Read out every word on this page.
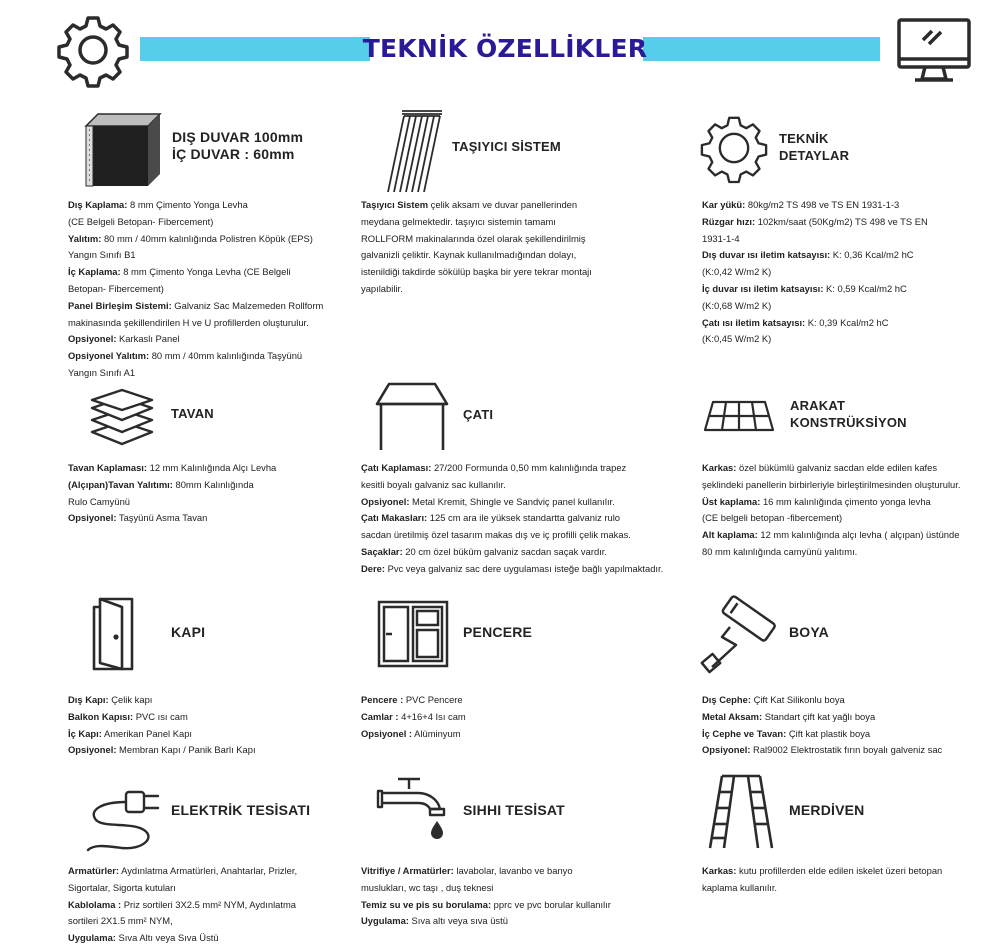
TEKNİK ÖZELLİKLER
DIŞ DUVAR 100mm
İÇ DUVAR : 60mm
Dış Kaplama: 8 mm Çimento Yonga Levha
(CE Belgeli Betopan- Fibercement)
Yalıtım: 80 mm / 40mm kalınlığında Polistren Köpük (EPS)
Yangın Sınıfı B1
İç Kaplama: 8 mm Çimento Yonga Levha (CE Belgeli
Betopan- Fibercement)
Panel Birleşim Sistemi: Galvaniz Sac Malzemeden Rollform
makinasında şekillendirilen H ve U profillerden oluşturulur.
Opsiyonel: Karkaslı Panel
Opsiyonel Yalıtım: 80 mm / 40mm kalınlığında Taşyünü
Yangın Sınıfı A1
TAŞIYICI SİSTEM
Taşıyıcı Sistem çelik aksam ve duvar panellerinden
meydana gelmektedir. taşıyıcı sistemin tamamı
ROLLFORM makinalarında özel olarak şekillendirilmiş
galvanizli çeliktir. Kaynak kullanılmadığından dolayı,
istenildiği takdirde sökülüp başka bir yere tekrar montajı
yapılabilir.
TEKNİK
DETAYLAR
Kar yükü: 80kg/m2 TS 498 ve TS EN 1931-1-3
Rüzgar hızı: 102km/saat (50Kg/m2) TS 498 ve TS EN
1931-1-4
Dış duvar ısı iletim katsayısı: K: 0,36 Kcal/m2 hC
(K:0,42 W/m2 K)
İç duvar ısı iletim katsayısı: K: 0,59 Kcal/m2 hC
(K:0,68 W/m2 K)
Çatı ısı iletim katsayısı: K: 0,39 Kcal/m2 hC
(K:0,45 W/m2 K)
TAVAN
Tavan Kaplaması: 12 mm Kalınlığında Alçı Levha
(Alçıpan)Tavan Yalıtımı: 80mm Kalınlığında
Rulo Camyünü
Opsiyonel: Taşyünü Asma Tavan
ÇATI
Çatı Kaplaması: 27/200 Formunda 0,50 mm kalınlığında trapez
kesitli boyalı galvaniz sac kullanılır.
Opsiyonel: Metal Kremit, Shingle ve Sandviç panel kullanılır.
Çatı Makasları: 125 cm ara ile yüksek standartta galvaniz rulo
sacdan üretilmiş özel tasarım makas dış ve iç profilli çelik makas.
Saçaklar: 20 cm özel büküm galvaniz sacdan saçak vardır.
Dere: Pvc veya galvaniz sac dere uygulaması isteğe bağlı yapılmaktadır.
ARAKAT
KONSTRÜKSİYON
Karkas: özel bükümlü galvaniz sacdan elde edilen kafes
şeklindeki panellerin birbirleriyle birleştirilmesinden oluşturulur.
Üst kaplama: 16 mm kalınlığında çimento yonga levha
(CE belgeli betopan -fibercement)
Alt kaplama: 12 mm kalınlığında alçı levha ( alçıpan) üstünde
80 mm kalınlığında camyünü yalıtımı.
KAPI
Dış Kapı: Çelik kapı
Balkon Kapısı: PVC ısı cam
İç Kapı: Amerikan Panel Kapı
Opsiyonel: Membran Kapı / Panik Barlı Kapı
PENCERE
Pencere : PVC Pencere
Camlar : 4+16+4 Isı cam
Opsiyonel : Alüminyum
BOYA
Dış Cephe: Çift Kat Silikonlu boya
Metal Aksam: Standart çift kat yağlı boya
İç Cephe ve Tavan: Çift kat plastik boya
Opsiyonel: Ral9002 Elektrostatik fırın boyalı galveniz sac
ELEKTRİK TESİSATI
Armatürler: Aydınlatma Armatürleri, Anahtarlar, Prizler,
Sigortalar, Sigorta kutuları
Kablolama : Priz sortileri 3X2.5 mm² NYM, Aydınlatma
sortileri 2X1.5 mm² NYM,
Uygulama: Sıva Altı veya Sıva Üstü
SIHHI TESİSAT
Vitrifiye / Armatürler: lavabolar, lavanbo ve banyo
muslukları, wc taşı , duş teknesi
Temiz su ve pis su borulama: pprc ve pvc borular kullanılır
Uygulama: Sıva altı veya sıva üstü
MERDİVEN
Karkas: kutu profillerden elde edilen iskelet üzeri betopan
kaplama kullanılır.
